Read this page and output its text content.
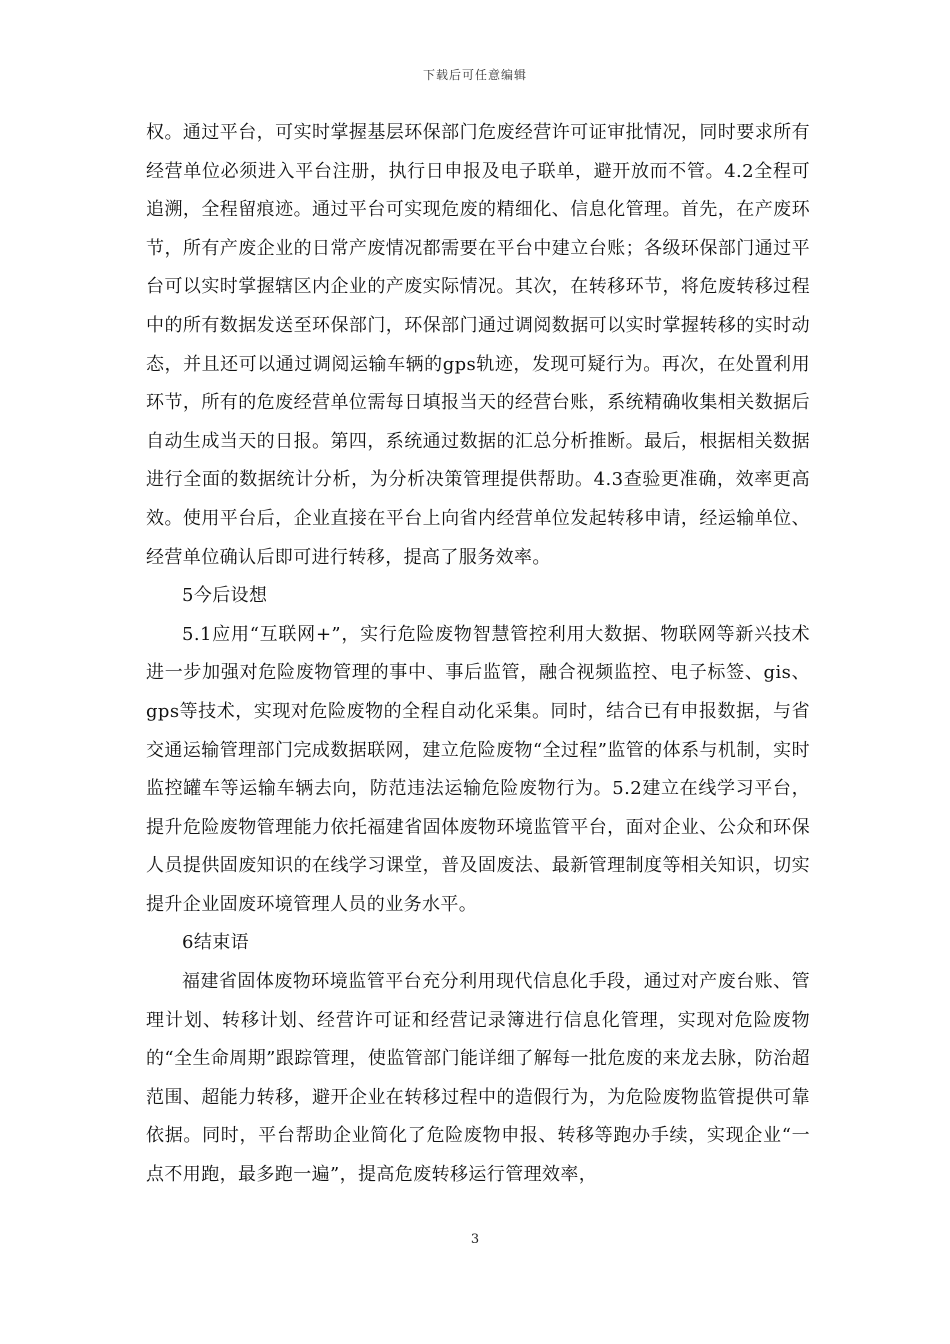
下载后可任意编辑

权。通过平台，可实时掌握基层环保部门危废经营许可证审批情况，同时要求所有经营单位必须进入平台注册，执行日申报及电子联单，避开放而不管。4.2全程可追溯，全程留痕迹。通过平台可实现危废的精细化、信息化管理。首先，在产废环节，所有产废企业的日常产废情况都需要在平台中建立台账；各级环保部门通过平台可以实时掌握辖区内企业的产废实际情况。其次，在转移环节，将危废转移过程中的所有数据发送至环保部门，环保部门通过调阅数据可以实时掌握转移的实时动态，并且还可以通过调阅运输车辆的gps轨迹，发现可疑行为。再次，在处置利用环节，所有的危废经营单位需每日填报当天的经营台账，系统精确收集相关数据后自动生成当天的日报。第四，系统通过数据的汇总分析推断。最后，根据相关数据进行全面的数据统计分析，为分析决策管理提供帮助。4.3查验更准确，效率更高效。使用平台后，企业直接在平台上向省内经营单位发起转移申请，经运输单位、经营单位确认后即可进行转移，提高了服务效率。

5今后设想

5.1应用“互联网+”，实行危险废物智慧管控利用大数据、物联网等新兴技术进一步加强对危险废物管理的事中、事后监管，融合视频监控、电子标签、gis、gps等技术，实现对危险废物的全程自动化采集。同时，结合已有申报数据，与省交通运输管理部门完成数据联网，建立危险废物“全过程”监管的体系与机制，实时监控罐车等运输车辆去向，防范违法运输危险废物行为。5.2建立在线学习平台，提升危险废物管理能力依托福建省固体废物环境监管平台，面对企业、公众和环保人员提供固废知识的在线学习课堂，普及固废法、最新管理制度等相关知识，切实提升企业固废环境管理人员的业务水平。

6结束语

福建省固体废物环境监管平台充分利用现代信息化手段，通过对产废台账、管理计划、转移计划、经营许可证和经营记录簿进行信息化管理，实现对危险废物的“全生命周期”跟踪管理，使监管部门能详细了解每一批危废的来龙去脉，防治超范围、超能力转移，避开企业在转移过程中的造假行为，为危险废物监管提供可靠依据。同时，平台帮助企业简化了危险废物申报、转移等跑办手续，实现企业“一点不用跑，最多跑一遍”，提高危废转移运行管理效率，

3
